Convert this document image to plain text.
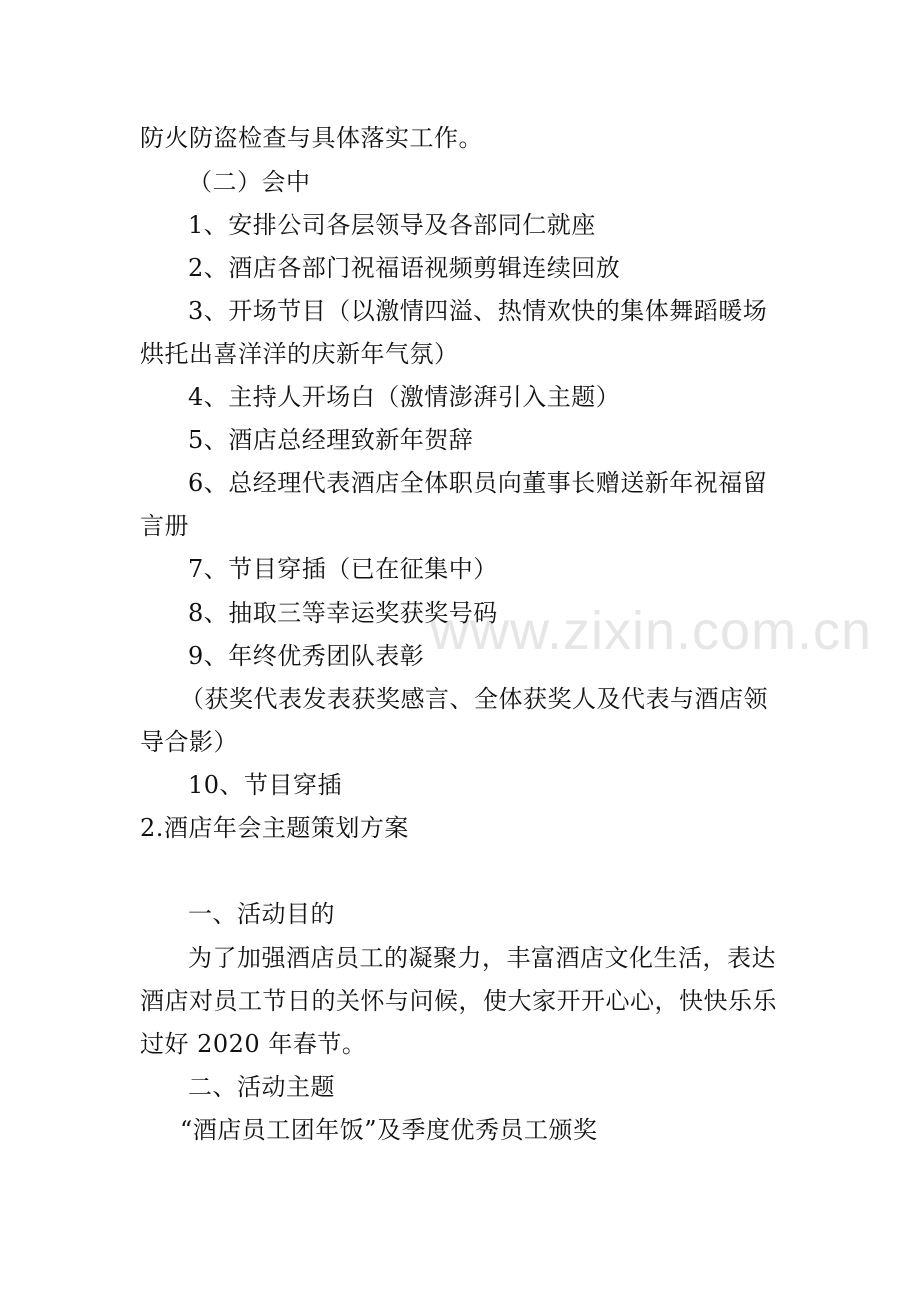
www.zixin.com.cn
防火防盗检查与具体落实工作。
（二）会中
1、安排公司各层领导及各部同仁就座
2、酒店各部门祝福语视频剪辑连续回放
3、开场节目（以激情四溢、热情欢快的集体舞蹈暖场
烘托出喜洋洋的庆新年气氛）
4、主持人开场白（激情澎湃引入主题）
5、酒店总经理致新年贺辞
6、总经理代表酒店全体职员向董事长赠送新年祝福留
言册
7、节目穿插（已在征集中）
8、抽取三等幸运奖获奖号码
9、年终优秀团队表彰
（获奖代表发表获奖感言、全体获奖人及代表与酒店领
导合影）
10、节目穿插
2.酒店年会主题策划方案
一、活动目的
为了加强酒店员工的凝聚力，丰富酒店文化生活，表达
酒店对员工节日的关怀与问候，使大家开开心心，快快乐乐
过好 2020 年春节。
二、活动主题
“酒店员工团年饭”及季度优秀员工颁奖
